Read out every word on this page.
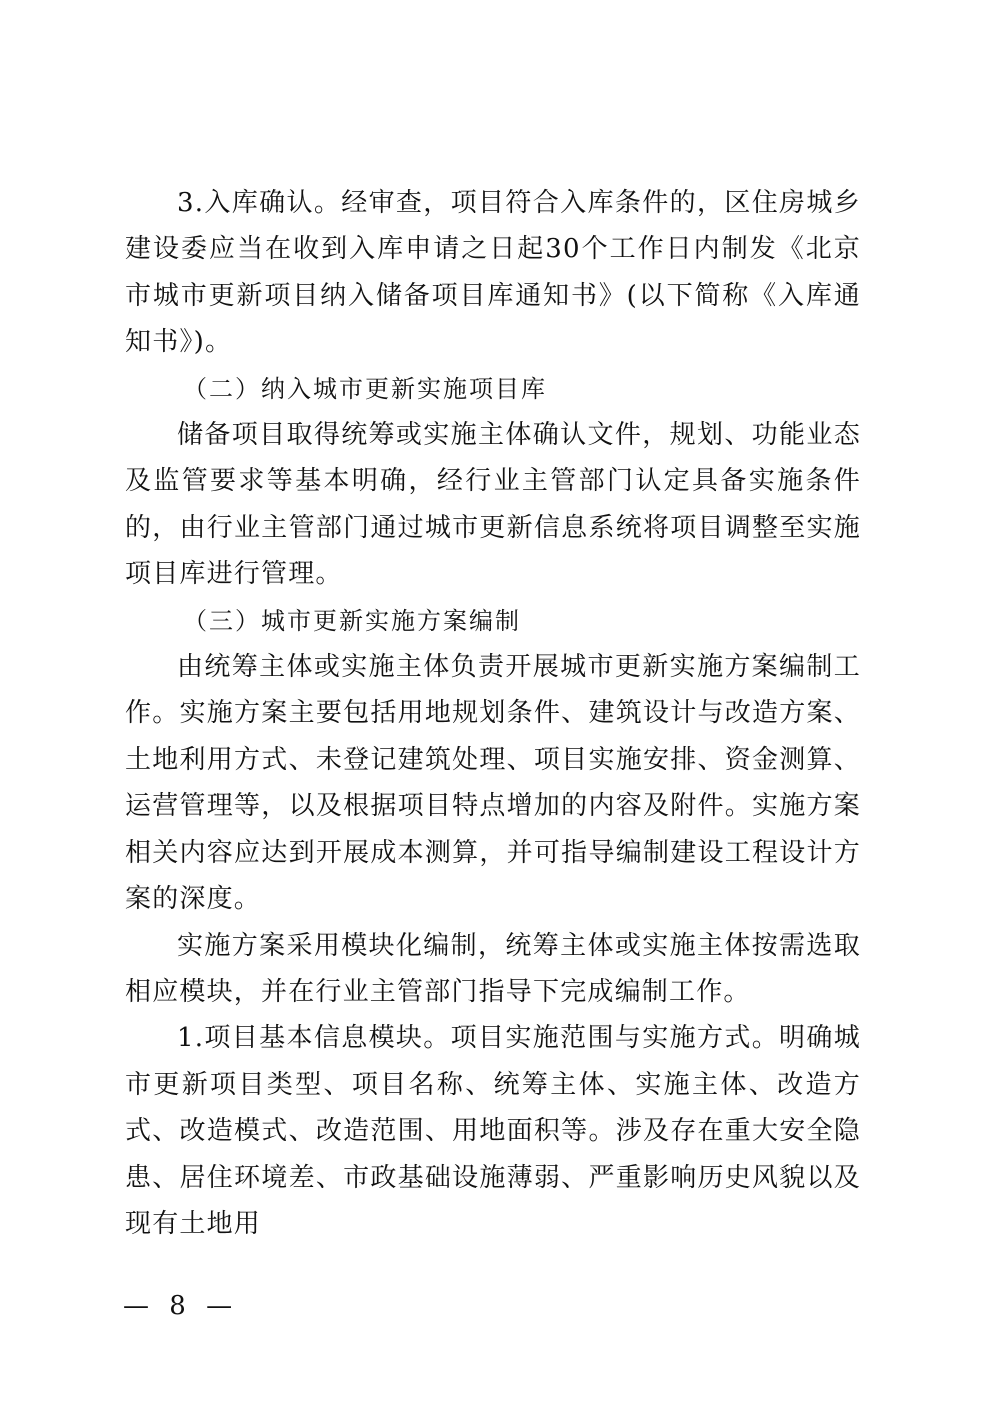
3.入库确认。经审查，项目符合入库条件的，区住房城乡建设委应当在收到入库申请之日起30个工作日内制发《北京市城市更新项目纳入储备项目库通知书》(以下简称《入库通知书》)。

（二）纳入城市更新实施项目库

储备项目取得统筹或实施主体确认文件，规划、功能业态及监管要求等基本明确，经行业主管部门认定具备实施条件的，由行业主管部门通过城市更新信息系统将项目调整至实施项目库进行管理。

（三）城市更新实施方案编制

由统筹主体或实施主体负责开展城市更新实施方案编制工作。实施方案主要包括用地规划条件、建筑设计与改造方案、土地利用方式、未登记建筑处理、项目实施安排、资金测算、运营管理等，以及根据项目特点增加的内容及附件。实施方案相关内容应达到开展成本测算，并可指导编制建设工程设计方案的深度。

实施方案采用模块化编制，统筹主体或实施主体按需选取相应模块，并在行业主管部门指导下完成编制工作。

1.项目基本信息模块。项目实施范围与实施方式。明确城市更新项目类型、项目名称、统筹主体、实施主体、改造方式、改造模式、改造范围、用地面积等。涉及存在重大安全隐患、居住环境差、市政基础设施薄弱、严重影响历史风貌以及现有土地用

— 8 —
